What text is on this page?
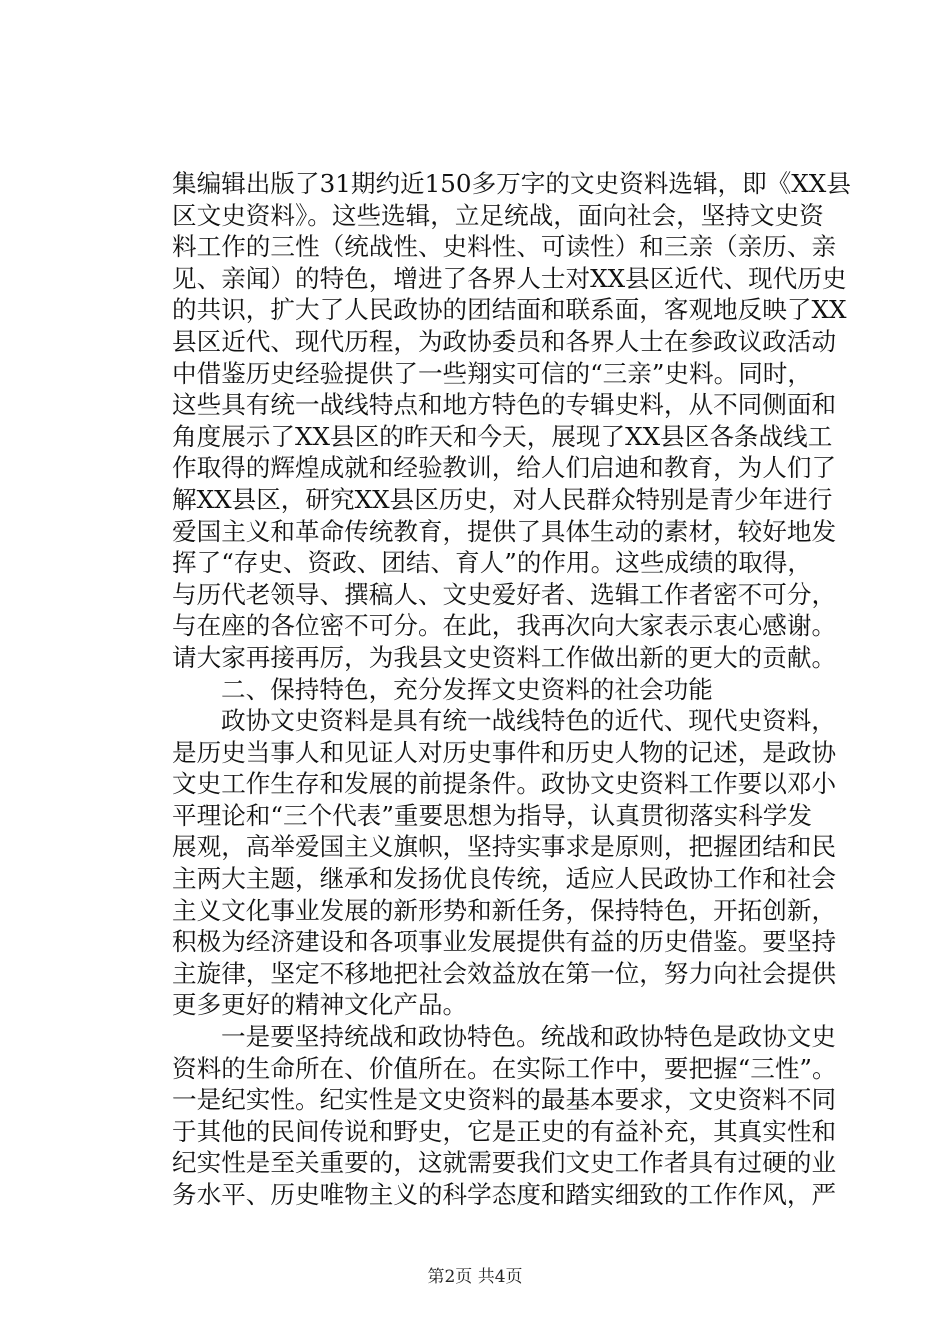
集编辑出版了31期约近150多万字的文史资料选辑，即《XX县
区文史资料》。这些选辑，立足统战，面向社会，坚持文史资
料工作的三性（统战性、史料性、可读性）和三亲（亲历、亲
见、亲闻）的特色，增进了各界人士对XX县区近代、现代历史
的共识，扩大了人民政协的团结面和联系面，客观地反映了XX
县区近代、现代历程，为政协委员和各界人士在参政议政活动
中借鉴历史经验提供了一些翔实可信的“三亲”史料。同时，
这些具有统一战线特点和地方特色的专辑史料，从不同侧面和
角度展示了XX县区的昨天和今天，展现了XX县区各条战线工
作取得的辉煌成就和经验教训，给人们启迪和教育，为人们了
解XX县区，研究XX县区历史，对人民群众特别是青少年进行
爱国主义和革命传统教育，提供了具体生动的素材，较好地发
挥了“存史、资政、团结、育人”的作用。这些成绩的取得，
与历代老领导、撰稿人、文史爱好者、选辑工作者密不可分，
与在座的各位密不可分。在此，我再次向大家表示衷心感谢。
请大家再接再厉，为我县文史资料工作做出新的更大的贡献。
二、保持特色，充分发挥文史资料的社会功能
政协文史资料是具有统一战线特色的近代、现代史资料，
是历史当事人和见证人对历史事件和历史人物的记述，是政协
文史工作生存和发展的前提条件。政协文史资料工作要以邓小
平理论和“三个代表”重要思想为指导，认真贯彻落实科学发
展观，高举爱国主义旗帜，坚持实事求是原则，把握团结和民
主两大主题，继承和发扬优良传统，适应人民政协工作和社会
主义文化事业发展的新形势和新任务，保持特色，开拓创新，
积极为经济建设和各项事业发展提供有益的历史借鉴。要坚持
主旋律，坚定不移地把社会效益放在第一位，努力向社会提供
更多更好的精神文化产品。
一是要坚持统战和政协特色。统战和政协特色是政协文史
资料的生命所在、价值所在。在实际工作中，要把握“三性”。
一是纪实性。纪实性是文史资料的最基本要求，文史资料不同
于其他的民间传说和野史，它是正史的有益补充，其真实性和
纪实性是至关重要的，这就需要我们文史工作者具有过硬的业
务水平、历史唯物主义的科学态度和踏实细致的工作作风，严
第2页 共4页
